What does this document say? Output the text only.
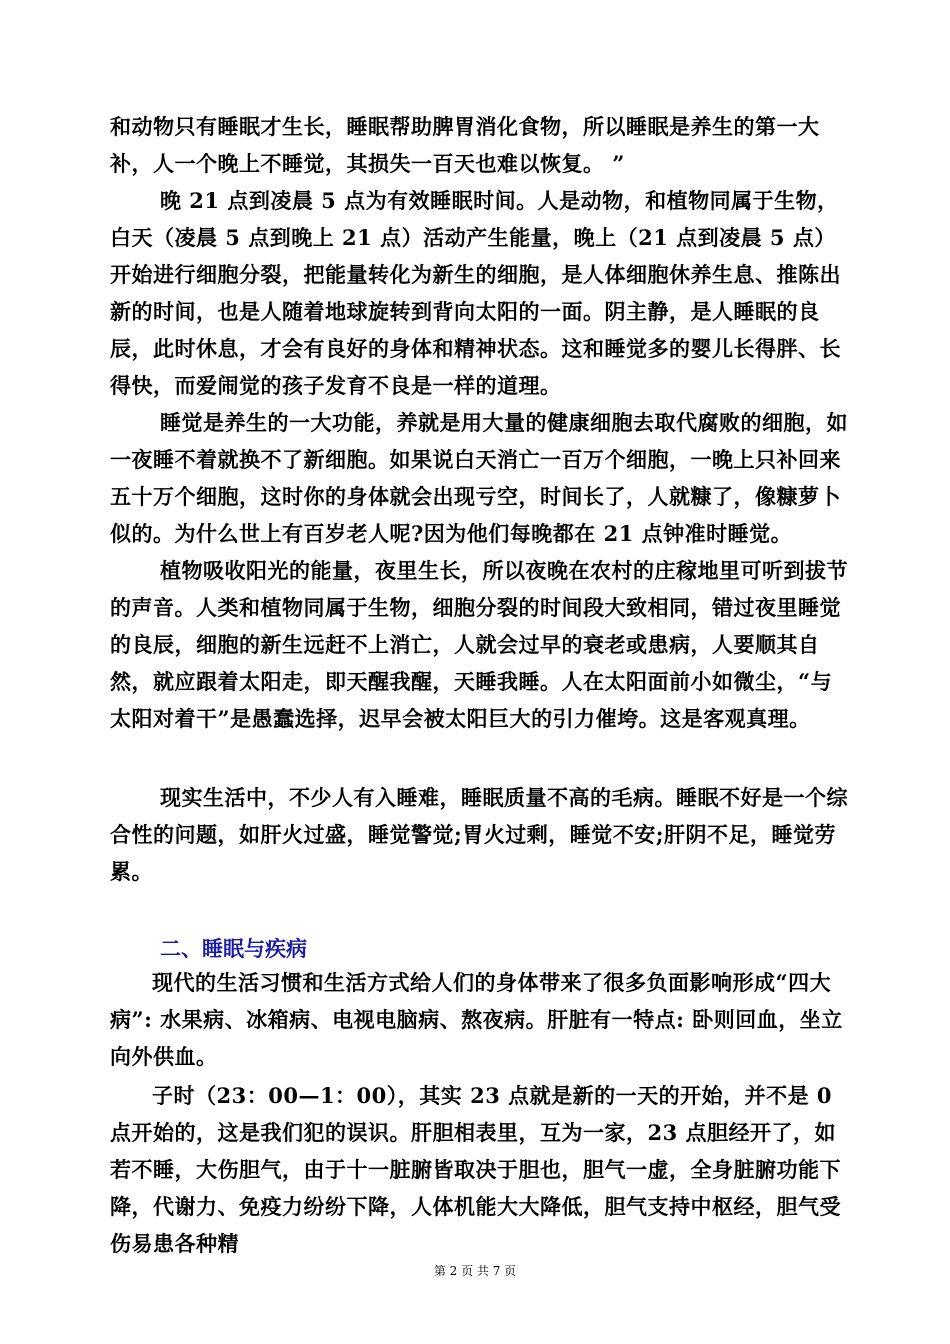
和动物只有睡眠才生长，睡眠帮助脾胃消化食物，所以睡眠是养生的第一大补，人一个晚上不睡觉，其损失一百天也难以恢复。 ”
晚 21 点到凌晨 5 点为有效睡眠时间。人是动物，和植物同属于生物，白天（凌晨 5 点到晚上 21 点）活动产生能量，晚上（21 点到凌晨 5 点）开始进行细胞分裂，把能量转化为新生的细胞，是人体细胞休养生息、推陈出新的时间，也是人随着地球旋转到背向太阳的一面。阴主静，是人睡眠的良辰，此时休息，才会有良好的身体和精神状态。这和睡觉多的婴儿长得胖、长得快，而爱闹觉的孩子发育不良是一样的道理。
睡觉是养生的一大功能，养就是用大量的健康细胞去取代腐败的细胞，如一夜睡不着就换不了新细胞。如果说白天消亡一百万个细胞，一晚上只补回来五十万个细胞，这时你的身体就会出现亏空，时间长了，人就糠了，像糠萝卜似的。为什么世上有百岁老人呢?因为他们每晚都在 21 点钟准时睡觉。
植物吸收阳光的能量，夜里生长，所以夜晚在农村的庄稼地里可听到拔节的声音。人类和植物同属于生物，细胞分裂的时间段大致相同，错过夜里睡觉的良辰，细胞的新生远赶不上消亡，人就会过早的衰老或患病，人要顺其自然，就应跟着太阳走，即天醒我醒，天睡我睡。人在太阳面前小如微尘，“与太阳对着干”是愚蠢选择，迟早会被太阳巨大的引力催垮。这是客观真理。
现实生活中，不少人有入睡难，睡眠质量不高的毛病。睡眠不好是一个综合性的问题，如肝火过盛，睡觉警觉;胃火过剩，睡觉不安;肝阴不足，睡觉劳累。
二、睡眠与疾病
现代的生活习惯和生活方式给人们的身体带来了很多负面影响形成“四大病”: 水果病、冰箱病、电视电脑病、熬夜病。肝脏有一特点: 卧则回血，坐立向外供血。
子时（23：00—1：00），其实 23 点就是新的一天的开始，并不是 0 点开始的，这是我们犯的误识。肝胆相表里，互为一家，23 点胆经开了，如若不睡，大伤胆气，由于十一脏腑皆取决于胆也，胆气一虚，全身脏腑功能下降，代谢力、免疫力纷纷下降，人体机能大大降低，胆气支持中枢经，胆气受伤易患各种精
第 2 页 共 7 页
